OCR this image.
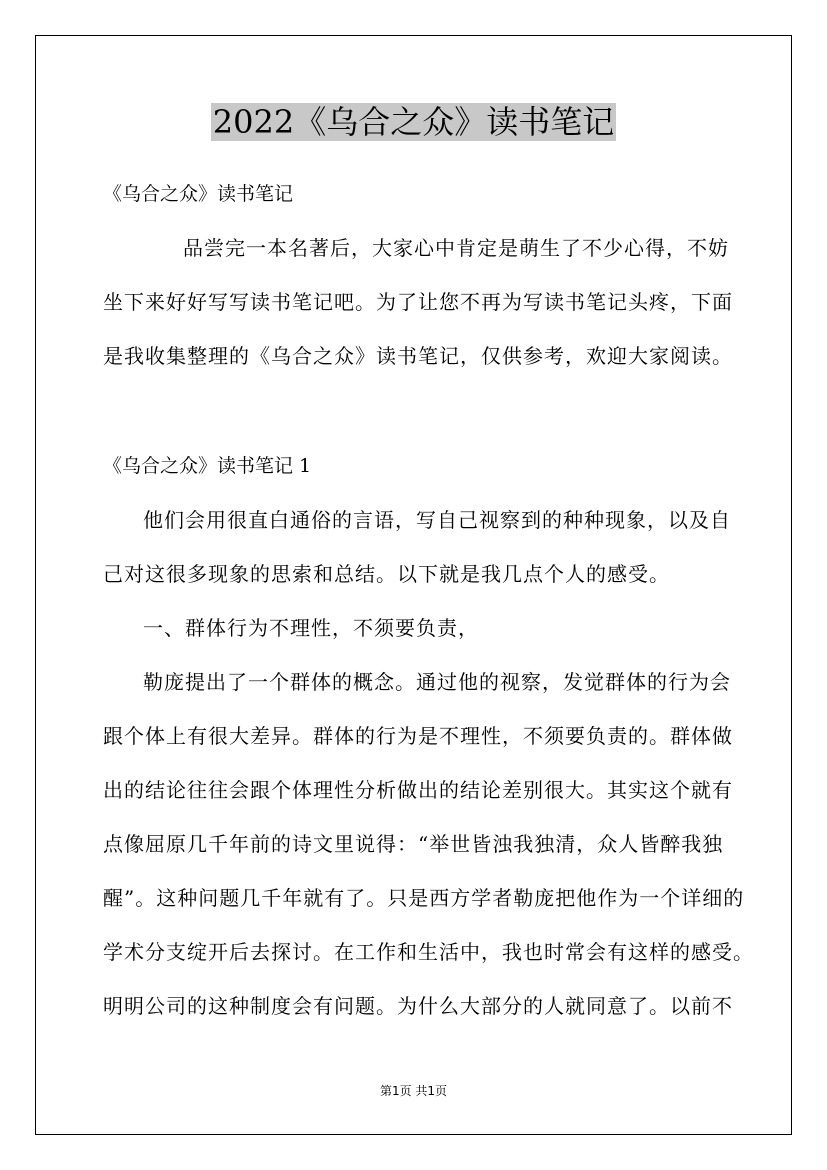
2022《乌合之众》读书笔记
《乌合之众》读书笔记
品尝完一本名著后，大家心中肯定是萌生了不少心得，不妨
坐下来好好写写读书笔记吧。为了让您不再为写读书笔记头疼，下面
是我收集整理的《乌合之众》读书笔记，仅供参考，欢迎大家阅读。
《乌合之众》读书笔记 1
他们会用很直白通俗的言语，写自己视察到的种种现象，以及自
己对这很多现象的思索和总结。以下就是我几点个人的感受。
一、群体行为不理性，不须要负责，
勒庞提出了一个群体的概念。通过他的视察，发觉群体的行为会
跟个体上有很大差异。群体的行为是不理性，不须要负责的。群体做
出的结论往往会跟个体理性分析做出的结论差别很大。其实这个就有
点像屈原几千年前的诗文里说得：“举世皆浊我独清，众人皆醉我独
醒”。这种问题几千年就有了。只是西方学者勒庞把他作为一个详细的
学术分支绽开后去探讨。在工作和生活中，我也时常会有这样的感受。
明明公司的这种制度会有问题。为什么大部分的人就同意了。以前不
第1页 共1页
